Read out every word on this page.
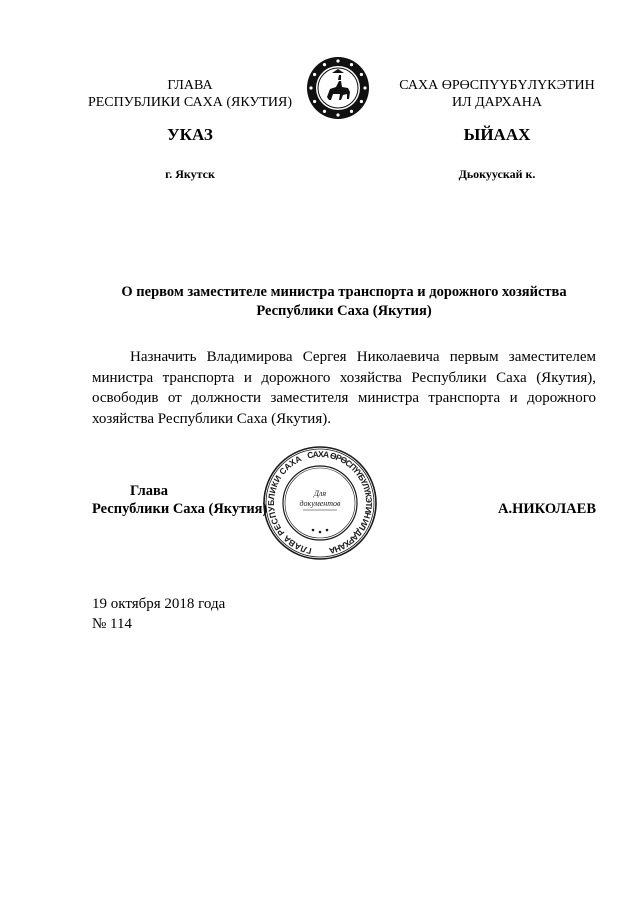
ГЛАВА
РЕСПУБЛИКИ САХА (ЯКУТИЯ)
САХА ӨРӨСПҮҮБҮЛҮКЭТИН
ИЛ ДАРХАНА
УКАЗ	ЫЙААХ
г. Якутск	Дьокуускай к.
О первом заместителе министра транспорта и дорожного хозяйства
Республики Саха (Якутия)
Назначить Владимирова Сергея Николаевича первым заместителем министра транспорта и дорожного хозяйства Республики Саха (Якутия), освободив от должности заместителя министра транспорта и дорожного хозяйства Республики Саха (Якутия).
Глава
Республики Саха (Якутия)	А.НИКОЛАЕВ
ГЛАВА РЕСПУБЛИКИ САХА САХА ӨРӨСПҮҮБҮЛҮКЭТИН ИЛ ДАРХАНА
Для
документов
19 октября 2018 года
№ 114
